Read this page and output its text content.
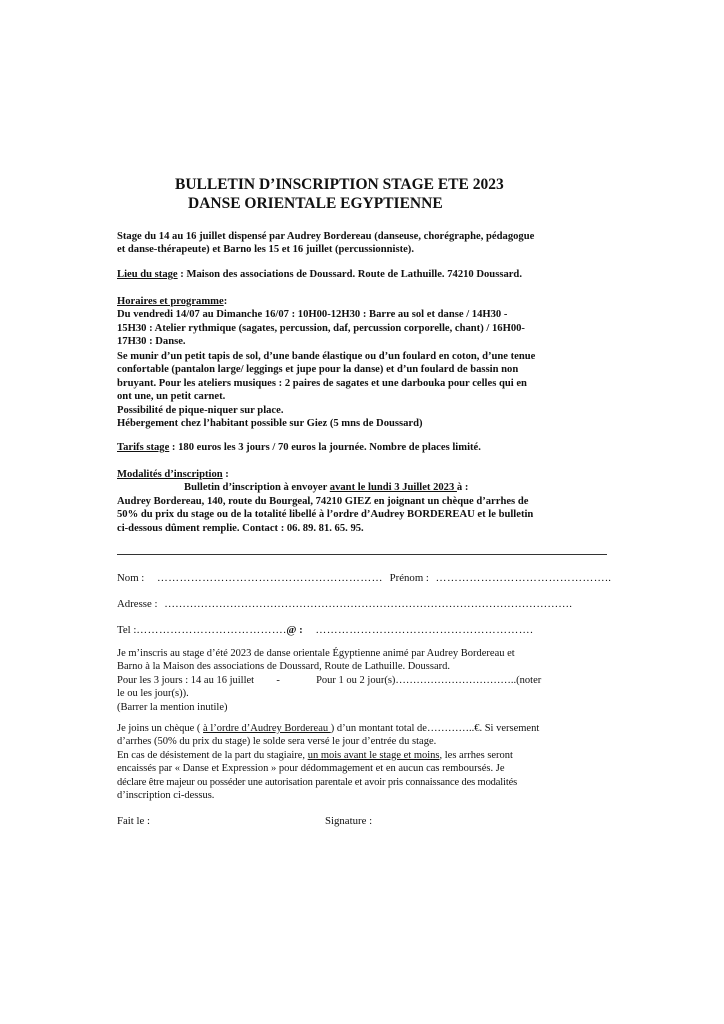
BULLETIN D’INSCRIPTION STAGE ETE 2023
DANSE ORIENTALE EGYPTIENNE
Stage du 14 au 16 juillet dispensé par Audrey Bordereau (danseuse, chorégraphe, pédagogue
et danse-thérapeute) et Barno les 15 et 16 juillet (percussionniste).
Lieu du stage : Maison des associations de Doussard. Route de Lathuille. 74210 Doussard.
Horaires et programme:
Du vendredi 14/07 au Dimanche 16/07 : 10H00-12H30 : Barre au sol et danse / 14H30 -
15H30 : Atelier rythmique (sagates, percussion, daf, percussion corporelle, chant) / 16H00-
17H30 : Danse.
Se munir d’un petit tapis de sol, d’une bande élastique ou d’un foulard en coton, d’une tenue
confortable (pantalon large/ leggings et jupe pour la danse) et d’un foulard de bassin non
bruyant. Pour les ateliers musiques : 2 paires de sagates et une darbouka pour celles qui en
ont une, un petit carnet.
Possibilité de pique-niquer sur place.
Hébergement chez l’habitant possible sur Giez (5 mns de Doussard)
Tarifs stage : 180 euros les 3 jours / 70 euros la journée. Nombre de places limité.
Modalités d’inscription :
Bulletin d’inscription à envoyer avant le lundi 3 Juillet 2023 à :
Audrey Bordereau, 140, route du Bourgeal, 74210 GIEZ en joignant un chèque d’arrhes de
50% du prix du stage ou de la totalité libellé à l’ordre d’Audrey BORDEREAU et le bulletin
ci-dessous dûment remplie. Contact : 06. 89. 81. 65. 95.
Nom : …………………………………………………… Prénom : ………………………………………..
Adresse : ………………………………………………………………………………………………….
Tel :………………………………….@ : ………………………………………………….
Je m’inscris au stage d’été 2023 de danse orientale Égyptienne animé par Audrey Bordereau et
Barno à la Maison des associations de Doussard, Route de Lathuille. Doussard.
Pour les 3 jours : 14 au 16 juillet -	Pour 1 ou 2 jour(s)……………………………..(noter
le ou les jour(s)).
(Barrer la mention inutile)
Je joins un chèque ( à l’ordre d’Audrey Bordereau ) d’un montant total de…………..€. Si versement
d’arrhes (50% du prix du stage) le solde sera versé le jour d’entrée du stage.
En cas de désistement de la part du stagiaire, un mois avant le stage et moins, les arrhes seront
encaissés par « Danse et Expression » pour dédommagement et en aucun cas remboursés. Je
déclare être majeur ou posséder une autorisation parentale et avoir pris connaissance des modalités
d’inscription ci-dessus.
Fait le :	Signature :
